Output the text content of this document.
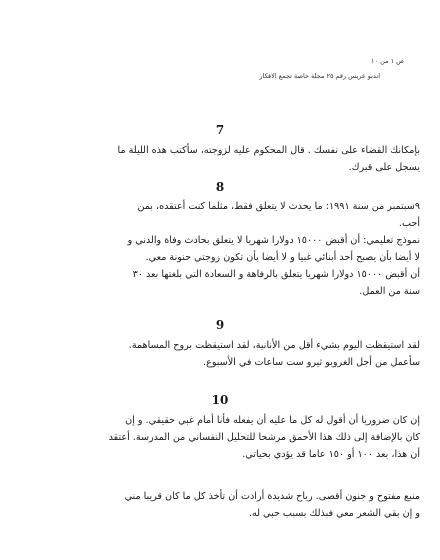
ص ١ من ١٠
اندبو عريس رقم ٢٥ مجلة خاصة تجمع الافكار
7
بإمكانك القضاء على نفسك . قال المحكوم عليه لزوجته، سأكتب هذه الليلة ما
يسجل على قبرك.
8
٩سبتمبر من سنة ١٩٩١: ما يحدث لا يتعلق فقط، مثلما كنت أعتقده، بمن
أحب.
نموذج تعليمي: أن أقبض ١٥٠٠٠ دولارا شهريا لا يتعلق بحادث وفاة والدني و
لا أيضا بأن يصبح أحد أبنائي غبيا و لا أيضا بأن تكون زوجتي حنونة معي.
أن أقبض ١٥٠٠٠ دولارا شهريا يتعلق بالرفاهة و السعادة التي بلغتها بعد ٣٠
سنة من العمل.
9
لقد استيقظت اليوم بشيء أقل من الأنانية، لقد استيقظت بروح المساهمة.
سأعمل من أجل الغروبو ثيرو ست ساعات في الأسبوع.
10
إن كان ضروريا أن أقول له كل ما عليه أن يفعله فأنا أمام غبي حقيقي. و إن
كان بالإضافة إلى ذلك هذا الأحمق مرشحا للتحليل النفساني من المدرسة. أعتقد
أن هذا، بعد ١٠٠ أو ١٥٠ عاما قد يؤدي بحياتي.
منبع مفتوح و جنون أقصى. رياح شديدة أرادت أن تأخذ كل ما كان قريبا مني
و إن بقي الشعر معي فبذلك بسبب حبي له.
